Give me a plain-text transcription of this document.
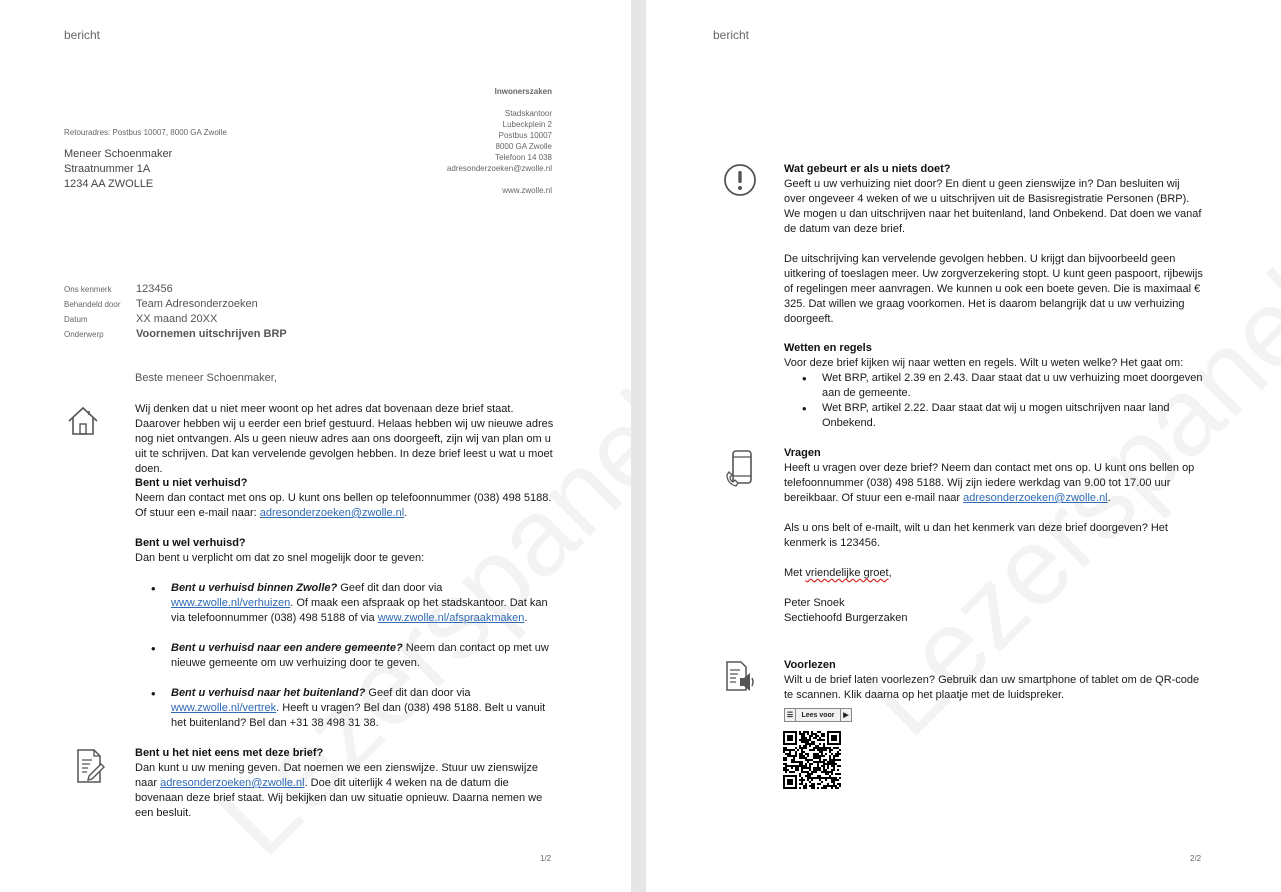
bericht
Inwonerszaken
Stadskantoor
Lubeckplein 2
Postbus 10007
8000 GA Zwolle
Telefoon 14 038
adresonderzoeken@zwolle.nl
www.zwolle.nl
Retouradres: Postbus 10007, 8000 GA Zwolle
Meneer Schoenmaker
Straatnummer 1A
1234 AA ZWOLLE
Ons kenmerk 123456
Behandeld door Team Adresonderzoeken
Datum	XX maand 20XX
Onderwerp	Voornemen uitschrijven BRP
Beste meneer Schoenmaker,
Wij denken dat u niet meer woont op het adres dat bovenaan deze brief staat. Daarover hebben wij u eerder een brief gestuurd. Helaas hebben wij uw nieuwe adres nog niet ontvangen. Als u geen nieuw adres aan ons doorgeeft, zijn wij van plan om u uit te schrijven. Dat kan vervelende gevolgen hebben. In deze brief leest u wat u moet doen.
Bent u niet verhuisd?

Neem dan contact met ons op. U kunt ons bellen op telefoonnummer (038) 498 5188. Of stuur een e-mail naar: adresonderzoeken@zwolle.nl.

Bent u wel verhuisd?

Dan bent u verplicht om dat zo snel mogelijk door te geven:

• Bent u verhuisd binnen Zwolle? Geef dit dan door via www.zwolle.nl/verhuizen. Of maak een afspraak op het stadskantoor. Dat kan via telefoonnummer (038) 498 5188 of via www.zwolle.nl/afspraakmaken.
• Bent u verhuisd naar een andere gemeente? Neem dan contact op met uw nieuwe gemeente om uw verhuizing door te geven.
• Bent u verhuisd naar het buitenland? Geef dit dan door via www.zwolle.nl/vertrek. Heeft u vragen? Bel dan (038) 498 5188. Belt u vanuit het buitenland? Bel dan +31 38 498 31 38.
Bent u het niet eens met deze brief?

Dan kunt u uw mening geven. Dat noemen we een zienswijze. Stuur uw zienswijze naar adresonderzoeken@zwolle.nl. Doe dit uiterlijk 4 weken na de datum die bovenaan deze brief staat. Wij bekijken dan uw situatie opnieuw. Daarna nemen we een besluit.

1/2
bericht
Wat gebeurt er als u niets doet?

Geeft u uw verhuizing niet door? En dient u geen zienswijze in? Dan besluiten wij over ongeveer 4 weken of we u uitschrijven uit de Basisregistratie Personen (BRP). We mogen u dan uitschrijven naar het buitenland, land Onbekend. Dat doen we vanaf de datum van deze brief.

De uitschrijving kan vervelende gevolgen hebben. U krijgt dan bijvoorbeeld geen uitkering of toeslagen meer. Uw zorgverzekering stopt. U kunt geen paspoort, rijbewijs of regelingen meer aanvragen. We kunnen u ook een boete geven. Die is maximaal € 325. Dat willen we graag voorkomen. Het is daarom belangrijk dat u uw verhuizing doorgeeft.

Wetten en regels

Voor deze brief kijken wij naar wetten en regels. Wilt u weten welke? Het gaat om:

• Wet BRP, artikel 2.39 en 2.43. Daar staat dat u uw verhuizing moet doorgeven aan de gemeente.
• Wet BRP, artikel 2.22. Daar staat dat wij u mogen uitschrijven naar land Onbekend.
Vragen

Heeft u vragen over deze brief? Neem dan contact met ons op. U kunt ons bellen op telefoonnummer (038) 498 5188. Wij zijn iedere werkdag van 9.00 tot 17.00 uur bereikbaar. Of stuur een e-mail naar adresonderzoeken@zwolle.nl.

Als u ons belt of e-mailt, wilt u dan het kenmerk van deze brief doorgeven? Het kenmerk is 123456.

Met vriendelijke groet,

Peter Snoek

Sectiehoofd Burgerzaken

Voorlezen

Wilt u de brief laten voorlezen? Gebruik dan uw smartphone of tablet om de QR-code te scannen. Klik daarna op het plaatje met de luidspreker.

2/2
☰	Lees voor	▶
